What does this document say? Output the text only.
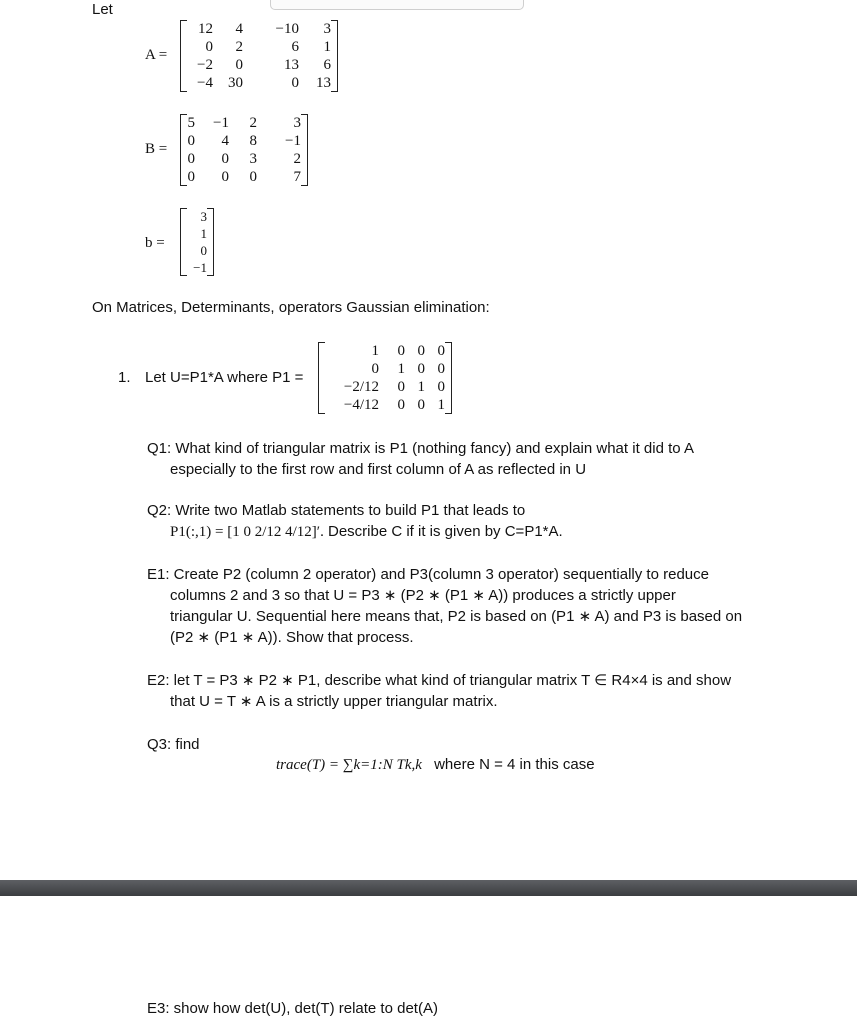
Let
A =
12	4	−10	3
0	2	6	1
−2	0	13	6
−4	30	0	13
B =
5	−1	2	3
0	4	8	−1
0	0	3	2
0	0	0	7
b =
3
1
0
−1
On Matrices, Determinants, operators Gaussian elimination:
1. Let U=P1*A where P1 =
1	0 0 0
0	1 0 0
−2/12	0 1 0
−4/12	0 0 1
Q1: What kind of triangular matrix is P1 (nothing fancy) and explain what it did to A
especially to the first row and first column of A as reflected in U
Q2: Write two Matlab statements to build P1 that leads to
P1(:,1) = [1 0 2/12 4/12]′. Describe C if it is given by C=P1*A.
E1: Create P2 (column 2 operator) and P3(column 3 operator) sequentially to reduce
columns 2 and 3 so that U = P3 ∗ (P2 ∗ (P1 ∗ A)) produces a strictly upper
triangular U. Sequential here means that, P2 is based on (P1 ∗ A) and P3 is based on
(P2 ∗ (P1 ∗ A)). Show that process.
E2: let T = P3 ∗ P2 ∗ P1, describe what kind of triangular matrix T ∈ R4×4 is and show
that U = T ∗ A is a strictly upper triangular matrix.
Q3: find
trace(T) = ∑k=1:N Tk,k where N = 4 in this case
E3: show how det(U), det(T) relate to det(A)
